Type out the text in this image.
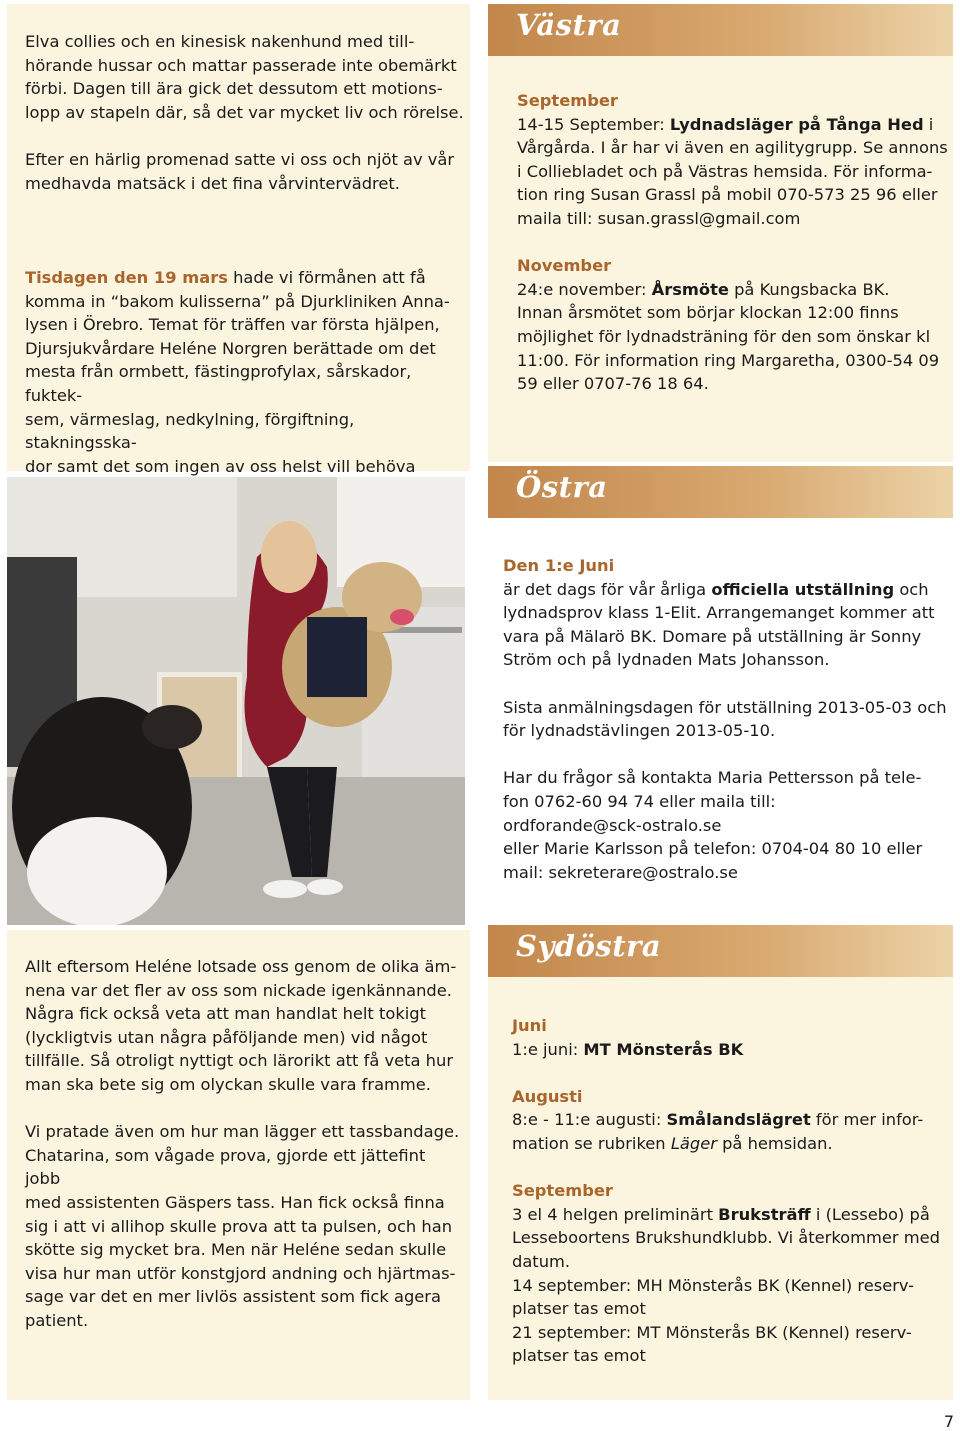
Västra
Östra
Sydöstra

Elva collies och en kinesisk nakenhund med till-

hörande hussar och mattar passerade inte obemärkt

förbi. Dagen till ära gick det dessutom ett motions-

lopp av stapeln där, så det var mycket liv och rörelse.

Efter en härlig promenad satte vi oss och njöt av vår

medhavda matsäck i det fina vårvintervädret.

Tisdagen den 19 mars hade vi förmånen att få

komma in “bakom kulisserna” på Djurkliniken Anna-

lysen i Örebro. Temat för träffen var första hjälpen,

Djursjukvårdare Heléne Norgren berättade om det

mesta från ormbett, fästingprofylax, sårskador, fuktek-

sem, värmeslag, nedkylning, förgiftning, stakningsska-

dor samt det som ingen av oss helst vill behöva

Allt eftersom Heléne lotsade oss genom de olika äm-

nena var det fler av oss som nickade igenkännande.

Några fick också veta att man handlat helt tokigt

(lyckligtvis utan några påföljande men) vid något

tillfälle. Så otroligt nyttigt och lärorikt att få veta hur

man ska bete sig om olyckan skulle vara framme.

Vi pratade även om hur man lägger ett tassbandage.

Chatarina, som vågade prova, gjorde ett jättefint jobb

med assistenten Gäspers tass. Han fick också finna

sig i att vi allihop skulle prova att ta pulsen, och han

skötte sig mycket bra. Men när Heléne sedan skulle

visa hur man utför konstgjord andning och hjärtmas-

sage var det en mer livlös assistent som fick agera

patient.

September

14-15 September: Lydnadsläger på Tånga Hed i

Vårgårda. I år har vi även en agilitygrupp. Se annons

i Colliebladet och på Västras hemsida. För informa-

tion ring Susan Grassl på mobil 070-573 25 96 eller

maila till: susan.grassl@gmail.com

November

24:e november: Årsmöte på Kungsbacka BK.

Innan årsmötet som börjar klockan 12:00 finns

möjlighet för lydnadsträning för den som önskar kl

11:00. För information ring Margaretha, 0300-54 09

59 eller 0707-76 18 64.

Den 1:e Juni

är det dags för vår årliga officiella utställning och

lydnadsprov klass 1-Elit. Arrangemanget kommer att

vara på Mälarö BK. Domare på utställning är Sonny

Ström och på lydnaden Mats Johansson.

Sista anmälningsdagen för utställning 2013-05-03 och

för lydnadstävlingen 2013-05-10.

Har du frågor så kontakta Maria Pettersson på tele-

fon 0762-60 94 74 eller maila till:

ordforande@sck-ostralo.se

eller Marie Karlsson på telefon: 0704-04 80 10 eller

mail: sekreterare@ostralo.se

Juni

1:e juni: MT Mönsterås BK

Augusti

8:e - 11:e augusti: Smålandslägret för mer infor-

mation se rubriken Läger på hemsidan.

September

3 el 4 helgen preliminärt Bruksträff i (Lessebo) på

Lesseboortens Brukshundklubb. Vi återkommer med

datum.

14 september: MH Mönsterås BK (Kennel) reserv-

platser tas emot

21 september: MT Mönsterås BK (Kennel) reserv-

platser tas emot

7
